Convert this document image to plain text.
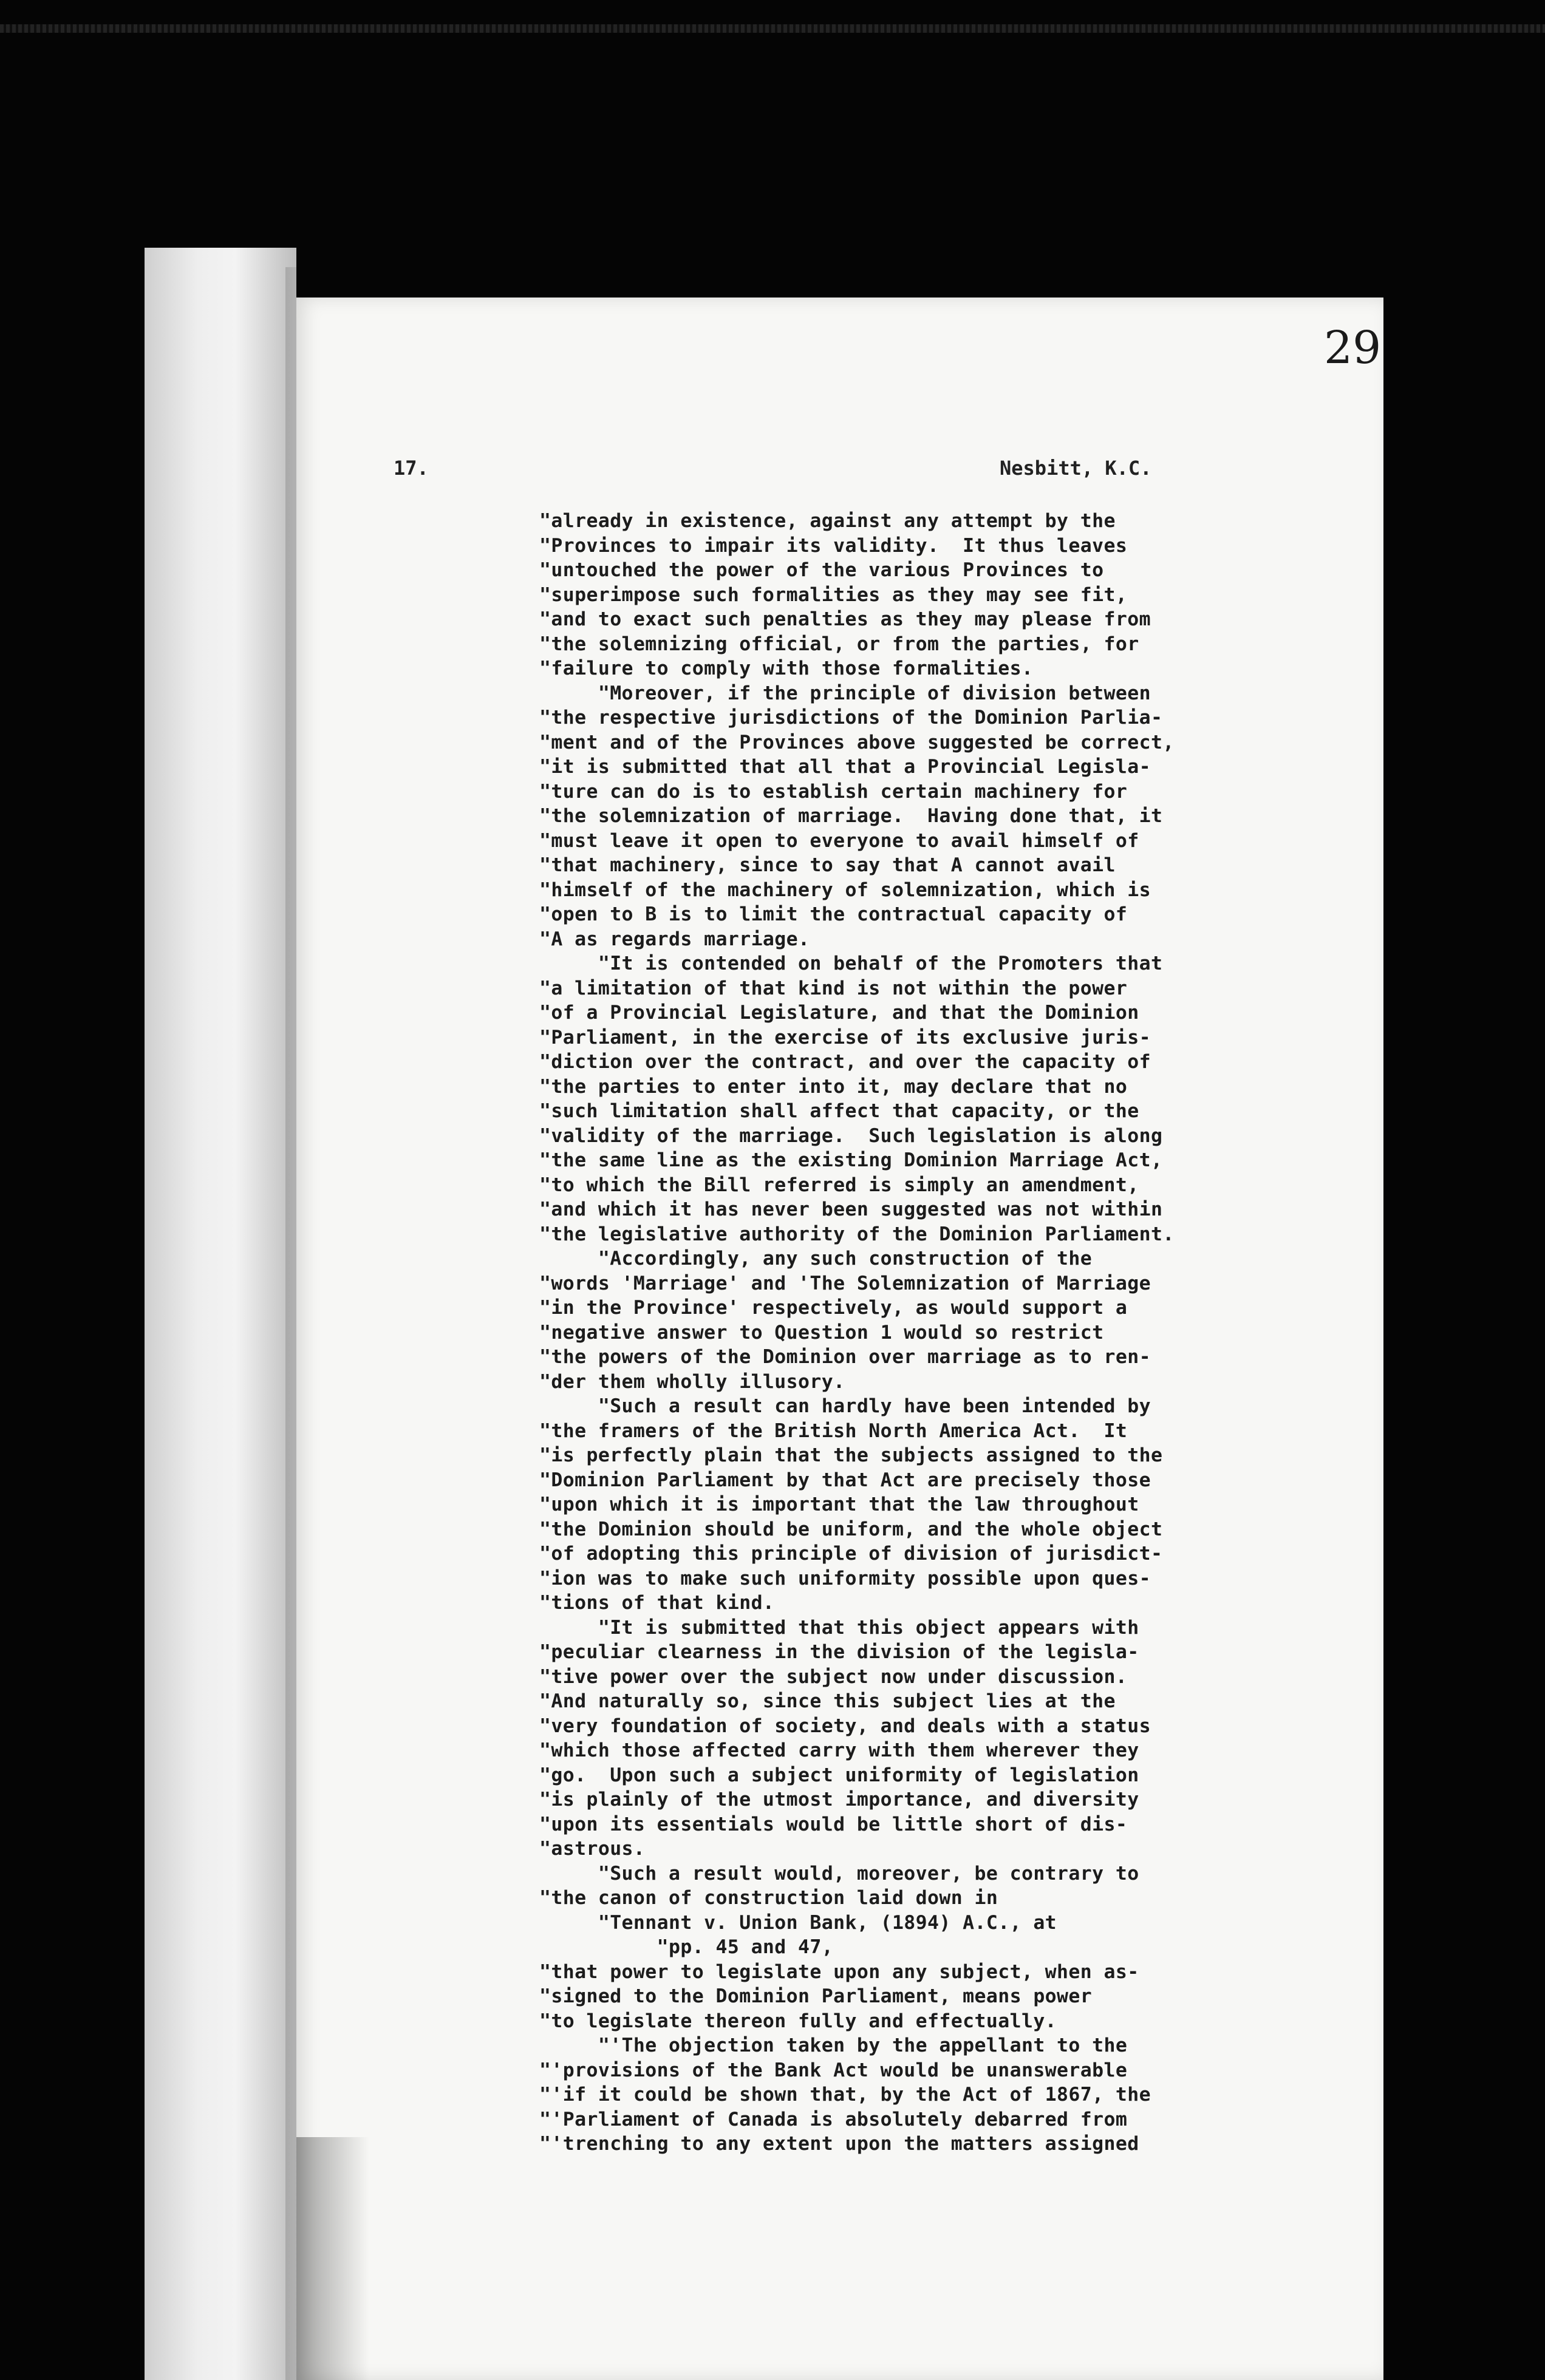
29
17.	Nesbitt, K.C.
"already in existence, against any attempt by the
"Provinces to impair its validity.  It thus leaves
"untouched the power of the various Provinces to
"superimpose such formalities as they may see fit,
"and to exact such penalties as they may please from
"the solemnizing official, or from the parties, for
"failure to comply with those formalities.
"Moreover, if the principle of division between
"the respective jurisdictions of the Dominion Parlia-
"ment and of the Provinces above suggested be correct,
"it is submitted that all that a Provincial Legisla-
"ture can do is to establish certain machinery for
"the solemnization of marriage.  Having done that, it
"must leave it open to everyone to avail himself of
"that machinery, since to say that A cannot avail
"himself of the machinery of solemnization, which is
"open to B is to limit the contractual capacity of
"A as regards marriage.
"It is contended on behalf of the Promoters that
"a limitation of that kind is not within the power
"of a Provincial Legislature, and that the Dominion
"Parliament, in the exercise of its exclusive juris-
"diction over the contract, and over the capacity of
"the parties to enter into it, may declare that no
"such limitation shall affect that capacity, or the
"validity of the marriage.  Such legislation is along
"the same line as the existing Dominion Marriage Act,
"to which the Bill referred is simply an amendment,
"and which it has never been suggested was not within
"the legislative authority of the Dominion Parliament.
"Accordingly, any such construction of the
"words 'Marriage' and 'The Solemnization of Marriage
"in the Province' respectively, as would support a
"negative answer to Question 1 would so restrict
"the powers of the Dominion over marriage as to ren-
"der them wholly illusory.
"Such a result can hardly have been intended by
"the framers of the British North America Act.  It
"is perfectly plain that the subjects assigned to the
"Dominion Parliament by that Act are precisely those
"upon which it is important that the law throughout
"the Dominion should be uniform, and the whole object
"of adopting this principle of division of jurisdict-
"ion was to make such uniformity possible upon ques-
"tions of that kind.
"It is submitted that this object appears with
"peculiar clearness in the division of the legisla-
"tive power over the subject now under discussion.
"And naturally so, since this subject lies at the
"very foundation of society, and deals with a status
"which those affected carry with them wherever they
"go.  Upon such a subject uniformity of legislation
"is plainly of the utmost importance, and diversity
"upon its essentials would be little short of dis-
"astrous.
"Such a result would, moreover, be contrary to
"the canon of construction laid down in
"Tennant v. Union Bank, (1894) A.C., at
"pp. 45 and 47,
"that power to legislate upon any subject, when as-
"signed to the Dominion Parliament, means power
"to legislate thereon fully and effectually.
"'The objection taken by the appellant to the
"'provisions of the Bank Act would be unanswerable
"'if it could be shown that, by the Act of 1867, the
"'Parliament of Canada is absolutely debarred from
"'trenching to any extent upon the matters assigned
